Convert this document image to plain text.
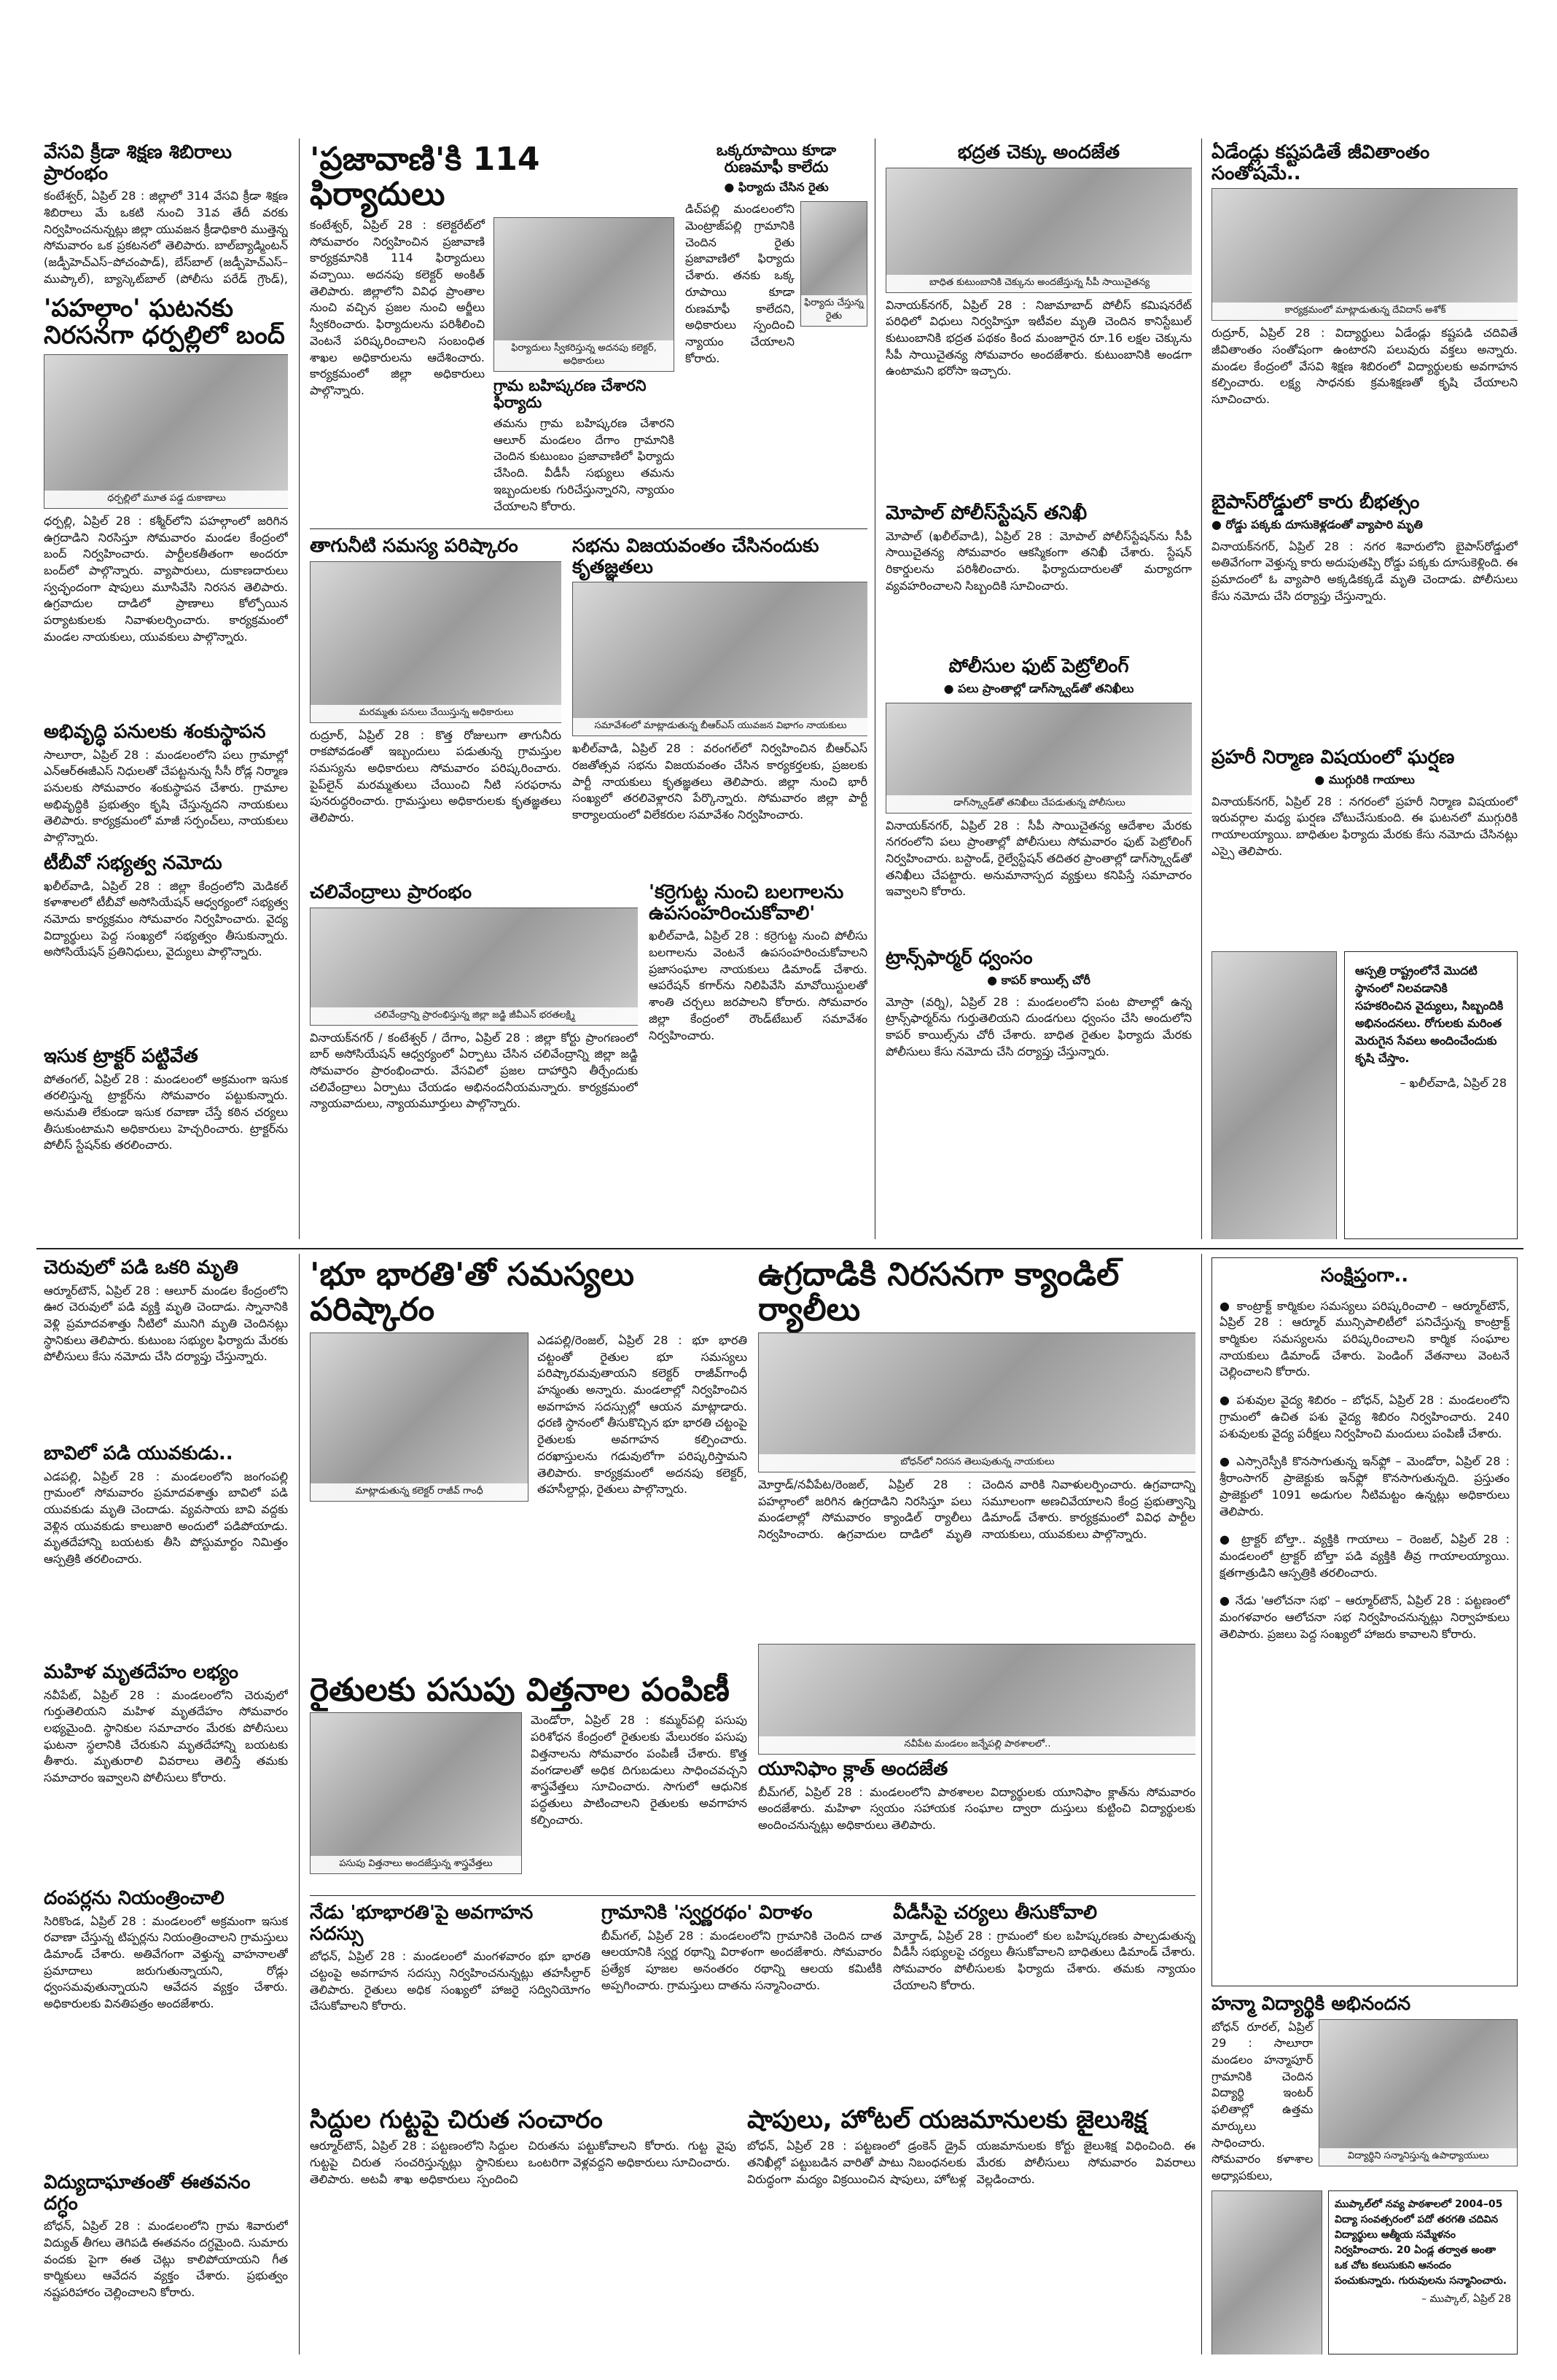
వేసవి క్రీడా శిక్షణ శిబిరాలు ప్రారంభం

కంటేశ్వర్‌, ఏప్రిల్‌ 28 : జిల్లాలో 314 వేసవి క్రీడా శిక్షణ శిబిరాలు మే ఒకటి నుంచి 31వ తేదీ వరకు నిర్వహించనున్నట్లు జిల్లా యువజన క్రీడాధికారి ముత్తెన్న సోమవారం ఒక ప్రకటనలో తెలిపారు. బాల్‌బ్యాడ్మింటన్‌ (జడ్పీహెచ్‌ఎస్‌–పోచంపాడ్‌), బేస్‌బాల్‌ (జడ్పీహెచ్‌ఎస్‌–ముప్కాల్‌), బ్యాస్కెట్‌బాల్‌ (పోలీసు పరేడ్‌ గ్రౌండ్‌),

'పహల్గాం' ఘటనకు నిరసనగా ధర్పల్లిలో బంద్‌
ధర్పల్లిలో మూత పడ్డ దుకాణాలు

ధర్పల్లి, ఏప్రిల్‌ 28 : కశ్మీర్‌లోని పహల్గాంలో జరిగిన ఉగ్రదాడిని నిరసిస్తూ సోమవారం మండల కేంద్రంలో బంద్‌ నిర్వహించారు. పార్టీలకతీతంగా అందరూ బంద్‌లో పాల్గొన్నారు. వ్యాపారులు, దుకాణదారులు స్వచ్ఛందంగా షాపులు మూసివేసి నిరసన తెలిపారు. ఉగ్రవాదుల దాడిలో ప్రాణాలు కోల్పోయిన పర్యాటకులకు నివాళులర్పించారు. కార్యక్రమంలో మండల నాయకులు, యువకులు పాల్గొన్నారు.

అభివృద్ధి పనులకు శంకుస్థాపన

సాలూరా, ఏప్రిల్‌ 28 : మండలంలోని పలు గ్రామాల్లో ఎన్‌ఆర్‌ఈజీఎస్‌ నిధులతో చేపట్టనున్న సీసీ రోడ్ల నిర్మాణ పనులకు సోమవారం శంకుస్థాపన చేశారు. గ్రామాల అభివృద్ధికి ప్రభుత్వం కృషి చేస్తున్నదని నాయకులు తెలిపారు. కార్యక్రమంలో మాజీ సర్పంచ్‌లు, నాయకులు పాల్గొన్నారు.

టీబీవో సభ్యత్వ నమోదు

ఖలీల్‌వాడి, ఏప్రిల్‌ 28 : జిల్లా కేంద్రంలోని మెడికల్‌ కళాశాలలో టీబీవో అసోసియేషన్‌ ఆధ్వర్యంలో సభ్యత్వ నమోదు కార్యక్రమం సోమవారం నిర్వహించారు. వైద్య విద్యార్థులు పెద్ద సంఖ్యలో సభ్యత్వం తీసుకున్నారు. అసోసియేషన్‌ ప్రతినిధులు, వైద్యులు పాల్గొన్నారు.

ఇసుక ట్రాక్టర్‌ పట్టివేత

పోతంగల్‌, ఏప్రిల్‌ 28 : మండలంలో అక్రమంగా ఇసుక తరలిస్తున్న ట్రాక్టర్‌ను సోమవారం పట్టుకున్నారు. అనుమతి లేకుండా ఇసుక రవాణా చేస్తే కఠిన చర్యలు తీసుకుంటామని అధికారులు హెచ్చరించారు. ట్రాక్టర్‌ను పోలీస్‌ స్టేషన్‌కు తరలించారు.

'ప్రజావాణి'కి 114 ఫిర్యాదులు

కంటేశ్వర్‌, ఏప్రిల్‌ 28 : కలెక్టరేట్‌లో సోమవారం నిర్వహించిన ప్రజావాణి కార్యక్రమానికి 114 ఫిర్యాదులు వచ్చాయి. అదనపు కలెక్టర్‌ అంకిత్‌ తెలిపారు. జిల్లాలోని వివిధ ప్రాంతాల నుంచి వచ్చిన ప్రజల నుంచి అర్జీలు స్వీకరించారు. ఫిర్యాదులను పరిశీలించి వెంటనే పరిష్కరించాలని సంబంధిత శాఖల అధికారులను ఆదేశించారు. కార్యక్రమంలో జిల్లా అధికారులు పాల్గొన్నారు.

ఫిర్యాదులు స్వీకరిస్తున్న అదనపు కలెక్టర్‌, అధికారులు
గ్రామ బహిష్కరణ చేశారని ఫిర్యాదు

తమను గ్రామ బహిష్కరణ చేశారని ఆలూర్‌ మండలం దేగాం గ్రామానికి చెందిన కుటుంబం ప్రజావాణిలో ఫిర్యాదు చేసింది. వీడీసీ సభ్యులు తమను ఇబ్బందులకు గురిచేస్తున్నారని, న్యాయం చేయాలని కోరారు.

ఒక్కరూపాయి కూడా రుణమాఫీ కాలేదు
● ఫిర్యాదు చేసిన రైతు

డిచ్‌పల్లి మండలంలోని మెంట్రాజ్‌పల్లి గ్రామానికి చెందిన రైతు ప్రజావాణిలో ఫిర్యాదు చేశారు. తనకు ఒక్క రూపాయి కూడా రుణమాఫీ కాలేదని, అధికారులు స్పందించి న్యాయం చేయాలని కోరారు.

ఫిర్యాదు చేస్తున్న రైతు
భద్రత చెక్కు అందజేత
బాధిత కుటుంబానికి చెక్కును అందజేస్తున్న సీపీ సాయిచైతన్య

వినాయక్‌నగర్‌, ఏప్రిల్‌ 28 : నిజామాబాద్‌ పోలీస్‌ కమిషనరేట్‌ పరిధిలో విధులు నిర్వహిస్తూ ఇటీవల మృతి చెందిన కానిస్టేబుల్‌ కుటుంబానికి భద్రత పథకం కింద మంజూరైన రూ.16 లక్షల చెక్కును సీపీ సాయిచైతన్య సోమవారం అందజేశారు. కుటుంబానికి అండగా ఉంటామని భరోసా ఇచ్చారు.

మోపాల్‌ పోలీస్‌స్టేషన్‌ తనిఖీ

మోపాల్‌ (ఖలీల్‌వాడి), ఏప్రిల్‌ 28 : మోపాల్‌ పోలీస్‌స్టేషన్‌ను సీపీ సాయిచైతన్య సోమవారం ఆకస్మికంగా తనిఖీ చేశారు. స్టేషన్‌ రికార్డులను పరిశీలించారు. ఫిర్యాదుదారులతో మర్యాదగా వ్యవహరించాలని సిబ్బందికి సూచించారు.

పోలీసుల ఫుట్‌ పెట్రోలింగ్‌
● పలు ప్రాంతాల్లో డాగ్‌స్క్వాడ్‌తో తనిఖీలు
డాగ్‌స్క్వాడ్‌తో తనిఖీలు చేపడుతున్న పోలీసులు

వినాయక్‌నగర్‌, ఏప్రిల్‌ 28 : సీపీ సాయిచైతన్య ఆదేశాల మేరకు నగరంలోని పలు ప్రాంతాల్లో పోలీసులు సోమవారం ఫుట్‌ పెట్రోలింగ్‌ నిర్వహించారు. బస్టాండ్‌, రైల్వేస్టేషన్‌ తదితర ప్రాంతాల్లో డాగ్‌స్క్వాడ్‌తో తనిఖీలు చేపట్టారు. అనుమానాస్పద వ్యక్తులు కనిపిస్తే సమాచారం ఇవ్వాలని కోరారు.

ట్రాన్స్‌ఫార్మర్‌ ధ్వంసం
● కాపర్‌ కాయిల్స్‌ చోరీ

మోస్రా (వర్ని), ఏప్రిల్‌ 28 : మండలంలోని పంట పొలాల్లో ఉన్న ట్రాన్స్‌ఫార్మర్‌ను గుర్తుతెలియని దుండగులు ధ్వంసం చేసి అందులోని కాపర్‌ కాయిల్స్‌ను చోరీ చేశారు. బాధిత రైతుల ఫిర్యాదు మేరకు పోలీసులు కేసు నమోదు చేసి దర్యాప్తు చేస్తున్నారు.

ఏడేండ్లు కష్టపడితే జీవితాంతం సంతోషమే..
కార్యక్రమంలో మాట్లాడుతున్న దేవిదాస్‌ అశోక్‌

రుద్రూర్‌, ఏప్రిల్‌ 28 : విద్యార్థులు ఏడేండ్లు కష్టపడి చదివితే జీవితాంతం సంతోషంగా ఉంటారని పలువురు వక్తలు అన్నారు. మండల కేంద్రంలో వేసవి శిక్షణ శిబిరంలో విద్యార్థులకు అవగాహన కల్పించారు. లక్ష్య సాధనకు క్రమశిక్షణతో కృషి చేయాలని సూచించారు.

బైపాస్‌రోడ్డులో కారు బీభత్సం
● రోడ్డు పక్కకు దూసుకెళ్లడంతో వ్యాపారి మృతి

వినాయక్‌నగర్‌, ఏప్రిల్‌ 28 : నగర శివారులోని బైపాస్‌రోడ్డులో అతివేగంగా వెళ్తున్న కారు అదుపుతప్పి రోడ్డు పక్కకు దూసుకెళ్లింది. ఈ ప్రమాదంలో ఓ వ్యాపారి అక్కడికక్కడే మృతి చెందాడు. పోలీసులు కేసు నమోదు చేసి దర్యాప్తు చేస్తున్నారు.

ప్రహరీ నిర్మాణ విషయంలో ఘర్షణ
● ముగ్గురికి గాయాలు

వినాయక్‌నగర్‌, ఏప్రిల్‌ 28 : నగరంలో ప్రహరీ నిర్మాణ విషయంలో ఇరువర్గాల మధ్య ఘర్షణ చోటుచేసుకుంది. ఈ ఘటనలో ముగ్గురికి గాయాలయ్యాయి. బాధితుల ఫిర్యాదు మేరకు కేసు నమోదు చేసినట్లు ఎస్సై తెలిపారు.

ఆస్పత్రి రాష్ట్రంలోనే మొదటి స్థానంలో నిలవడానికి సహకరించిన వైద్యులు, సిబ్బందికి అభినందనలు. రోగులకు మరింత మెరుగైన సేవలు అందించేందుకు కృషి చేస్తాం.
– ఖలీల్‌వాడి, ఏప్రిల్‌ 28
తాగునీటి సమస్య పరిష్కారం
మరమ్మతు పనులు చేయిస్తున్న అధికారులు

రుద్రూర్‌, ఏప్రిల్‌ 28 : కొత్త రోజులుగా తాగునీరు రాకపోవడంతో ఇబ్బందులు పడుతున్న గ్రామస్తుల సమస్యను అధికారులు సోమవారం పరిష్కరించారు. పైప్‌లైన్‌ మరమ్మతులు చేయించి నీటి సరఫరాను పునరుద్ధరించారు. గ్రామస్తులు అధికారులకు కృతజ్ఞతలు తెలిపారు.

సభను విజయవంతం చేసినందుకు కృతజ్ఞతలు
సమావేశంలో మాట్లాడుతున్న బీఆర్‌ఎస్‌ యువజన విభాగం నాయకులు

ఖలీల్‌వాడి, ఏప్రిల్‌ 28 : వరంగల్‌లో నిర్వహించిన బీఆర్‌ఎస్‌ రజతోత్సవ సభను విజయవంతం చేసిన కార్యకర్తలకు, ప్రజలకు పార్టీ నాయకులు కృతజ్ఞతలు తెలిపారు. జిల్లా నుంచి భారీ సంఖ్యలో తరలివెళ్లారని పేర్కొన్నారు. సోమవారం జిల్లా పార్టీ కార్యాలయంలో విలేకరుల సమావేశం నిర్వహించారు.

చలివేంద్రాలు ప్రారంభం
చలివేంద్రాన్ని ప్రారంభిస్తున్న జిల్లా జడ్జి జీవీఎన్‌ భరతలక్ష్మి

వినాయక్‌నగర్‌ / కంటేశ్వర్‌ / దేగాం, ఏప్రిల్‌ 28 : జిల్లా కోర్టు ప్రాంగణంలో బార్‌ అసోసియేషన్‌ ఆధ్వర్యంలో ఏర్పాటు చేసిన చలివేంద్రాన్ని జిల్లా జడ్జి సోమవారం ప్రారంభించారు. వేసవిలో ప్రజల దాహార్తిని తీర్చేందుకు చలివేంద్రాలు ఏర్పాటు చేయడం అభినందనీయమన్నారు. కార్యక్రమంలో న్యాయవాదులు, న్యాయమూర్తులు పాల్గొన్నారు.

'కర్రెగుట్ట నుంచి బలగాలను ఉపసంహరించుకోవాలి'

ఖలీల్‌వాడి, ఏప్రిల్‌ 28 : కర్రెగుట్ట నుంచి పోలీసు బలగాలను వెంటనే ఉపసంహరించుకోవాలని ప్రజాసంఘాల నాయకులు డిమాండ్‌ చేశారు. ఆపరేషన్‌ కగార్‌ను నిలిపివేసి మావోయిస్టులతో శాంతి చర్చలు జరపాలని కోరారు. సోమవారం జిల్లా కేంద్రంలో రౌండ్‌టేబుల్‌ సమావేశం నిర్వహించారు.

చెరువులో పడి ఒకరి మృతి

ఆర్మూర్‌టౌన్‌, ఏప్రిల్‌ 28 : ఆలూర్‌ మండల కేంద్రంలోని ఊర చెరువులో పడి వ్యక్తి మృతి చెందాడు. స్నానానికి వెళ్లి ప్రమాదవశాత్తు నీటిలో మునిగి మృతి చెందినట్లు స్థానికులు తెలిపారు. కుటుంబ సభ్యుల ఫిర్యాదు మేరకు పోలీసులు కేసు నమోదు చేసి దర్యాప్తు చేస్తున్నారు.

బావిలో పడి యువకుడు..

ఎడపల్లి, ఏప్రిల్‌ 28 : మండలంలోని జంగంపల్లి గ్రామంలో సోమవారం ప్రమాదవశాత్తు బావిలో పడి యువకుడు మృతి చెందాడు. వ్యవసాయ బావి వద్దకు వెళ్లిన యువకుడు కాలుజారి అందులో పడిపోయాడు. మృతదేహాన్ని బయటకు తీసి పోస్టుమార్టం నిమిత్తం ఆస్పత్రికి తరలించారు.

మహిళ మృతదేహం లభ్యం

నవీపేట్‌, ఏప్రిల్‌ 28 : మండలంలోని చెరువులో గుర్తుతెలియని మహిళ మృతదేహం సోమవారం లభ్యమైంది. స్థానికుల సమాచారం మేరకు పోలీసులు ఘటనా స్థలానికి చేరుకుని మృతదేహాన్ని బయటకు తీశారు. మృతురాలి వివరాలు తెలిస్తే తమకు సమాచారం ఇవ్వాలని పోలీసులు కోరారు.

దంపర్లను నియంత్రించాలి

సిరికొండ, ఏప్రిల్‌ 28 : మండలంలో అక్రమంగా ఇసుక రవాణా చేస్తున్న టిప్పర్లను నియంత్రించాలని గ్రామస్తులు డిమాండ్‌ చేశారు. అతివేగంగా వెళ్తున్న వాహనాలతో ప్రమాదాలు జరుగుతున్నాయని, రోడ్లు ధ్వంసమవుతున్నాయని ఆవేదన వ్యక్తం చేశారు. అధికారులకు వినతిపత్రం అందజేశారు.

విద్యుదాఘాతంతో ఈతవనం దగ్ధం

బోధన్‌, ఏప్రిల్‌ 28 : మండలంలోని గ్రామ శివారులో విద్యుత్‌ తీగలు తెగిపడి ఈతవనం దగ్ధమైంది. సుమారు వందకు పైగా ఈత చెట్లు కాలిపోయాయని గీత కార్మికులు ఆవేదన వ్యక్తం చేశారు. ప్రభుత్వం నష్టపరిహారం చెల్లించాలని కోరారు.

'భూ భారతి'తో సమస్యలు పరిష్కారం
మాట్లాడుతున్న కలెక్టర్‌ రాజీవ్‌ గాంధీ

ఎడపల్లి/రెంజల్‌, ఏప్రిల్‌ 28 : భూ భారతి చట్టంతో రైతుల భూ సమస్యలు పరిష్కారమవుతాయని కలెక్టర్‌ రాజీవ్‌గాంధీ హన్మంతు అన్నారు. మండలాల్లో నిర్వహించిన అవగాహన సదస్సుల్లో ఆయన మాట్లాడారు. ధరణి స్థానంలో తీసుకొచ్చిన భూ భారతి చట్టంపై రైతులకు అవగాహన కల్పించారు. దరఖాస్తులను గడువులోగా పరిష్కరిస్తామని తెలిపారు. కార్యక్రమంలో అదనపు కలెక్టర్‌, తహసీల్దార్లు, రైతులు పాల్గొన్నారు.

రైతులకు పసుపు విత్తనాల పంపిణీ
పసుపు విత్తనాలు అందజేస్తున్న శాస్త్రవేత్తలు

మెండోరా, ఏప్రిల్‌ 28 : కమ్మర్‌పల్లి పసుపు పరిశోధన కేంద్రంలో రైతులకు మేలురకం పసుపు విత్తనాలను సోమవారం పంపిణీ చేశారు. కొత్త వంగడాలతో అధిక దిగుబడులు సాధించవచ్చని శాస్త్రవేత్తలు సూచించారు. సాగులో ఆధునిక పద్ధతులు పాటించాలని రైతులకు అవగాహన కల్పించారు.

ఉగ్రదాడికి నిరసనగా క్యాండిల్‌ ర్యాలీలు
బోధన్‌లో నిరసన తెలుపుతున్న నాయకులు

మోర్తాడ్‌/నవీపేట/రెంజల్‌, ఏప్రిల్‌ 28 : పహల్గాంలో జరిగిన ఉగ్రదాడిని నిరసిస్తూ పలు మండలాల్లో సోమవారం క్యాండిల్‌ ర్యాలీలు నిర్వహించారు. ఉగ్రవాదుల దాడిలో మృతి చెందిన వారికి నివాళులర్పించారు. ఉగ్రవాదాన్ని సమూలంగా అణచివేయాలని కేంద్ర ప్రభుత్వాన్ని డిమాండ్‌ చేశారు. కార్యక్రమంలో వివిధ పార్టీల నాయకులు, యువకులు పాల్గొన్నారు.

నవీపేట మండలం జన్నేపల్లి పాఠశాలలో..
యూనిఫాం క్లాత్‌ అందజేత

బీమ్‌గల్‌, ఏప్రిల్‌ 28 : మండలంలోని పాఠశాలల విద్యార్థులకు యూనిఫాం క్లాత్‌ను సోమవారం అందజేశారు. మహిళా స్వయం సహాయక సంఘాల ద్వారా దుస్తులు కుట్టించి విద్యార్థులకు అందించనున్నట్లు అధికారులు తెలిపారు.

నేడు 'భూభారతి'పై అవగాహన సదస్సు

బోధన్‌, ఏప్రిల్‌ 28 : మండలంలో మంగళవారం భూ భారతి చట్టంపై అవగాహన సదస్సు నిర్వహించనున్నట్లు తహసీల్దార్‌ తెలిపారు. రైతులు అధిక సంఖ్యలో హాజరై సద్వినియోగం చేసుకోవాలని కోరారు.

గ్రామానికి 'స్వర్ణరథం' విరాళం

బీమ్‌గల్‌, ఏప్రిల్‌ 28 : మండలంలోని గ్రామానికి చెందిన దాత ఆలయానికి స్వర్ణ రథాన్ని విరాళంగా అందజేశారు. సోమవారం ప్రత్యేక పూజల అనంతరం రథాన్ని ఆలయ కమిటీకి అప్పగించారు. గ్రామస్తులు దాతను సన్మానించారు.

వీడీసీపై చర్యలు తీసుకోవాలి

మోర్తాడ్‌, ఏప్రిల్‌ 28 : గ్రామంలో కుల బహిష్కరణకు పాల్పడుతున్న వీడీసీ సభ్యులపై చర్యలు తీసుకోవాలని బాధితులు డిమాండ్‌ చేశారు. సోమవారం పోలీసులకు ఫిర్యాదు చేశారు. తమకు న్యాయం చేయాలని కోరారు.

సిద్దుల గుట్టపై చిరుత సంచారం

ఆర్మూర్‌టౌన్‌, ఏప్రిల్‌ 28 : పట్టణంలోని సిద్దుల గుట్టపై చిరుత సంచరిస్తున్నట్లు స్థానికులు తెలిపారు. అటవీ శాఖ అధికారులు స్పందించి చిరుతను పట్టుకోవాలని కోరారు. గుట్ట వైపు ఒంటరిగా వెళ్లవద్దని అధికారులు సూచించారు.

షాపులు, హోటల్‌ యజమానులకు జైలుశిక్ష

బోధన్‌, ఏప్రిల్‌ 28 : పట్టణంలో డ్రంకెన్‌ డ్రైవ్‌ తనిఖీల్లో పట్టుబడిన వారితో పాటు నిబంధనలకు విరుద్ధంగా మద్యం విక్రయించిన షాపులు, హోటళ్ల యజమానులకు కోర్టు జైలుశిక్ష విధించింది. ఈ మేరకు పోలీసులు సోమవారం వివరాలు వెల్లడించారు.

సంక్షిప్తంగా..

● కాంట్రాక్ట్‌ కార్మికుల సమస్యలు పరిష్కరించాలి – ఆర్మూర్‌టౌన్‌, ఏప్రిల్‌ 28 : ఆర్మూర్‌ మున్సిపాలిటీలో పనిచేస్తున్న కాంట్రాక్ట్‌ కార్మికుల సమస్యలను పరిష్కరించాలని కార్మిక సంఘాల నాయకులు డిమాండ్‌ చేశారు. పెండింగ్‌ వేతనాలు వెంటనే చెల్లించాలని కోరారు.

● పశువుల వైద్య శిబిరం – బోధన్‌, ఏప్రిల్‌ 28 : మండలంలోని గ్రామంలో ఉచిత పశు వైద్య శిబిరం నిర్వహించారు. 240 పశువులకు వైద్య పరీక్షలు నిర్వహించి మందులు పంపిణీ చేశారు.

● ఎస్సారెస్పీకి కొనసాగుతున్న ఇన్‌ఫ్లో – మెండోరా, ఏప్రిల్‌ 28 : శ్రీరాంసాగర్‌ ప్రాజెక్టుకు ఇన్‌ఫ్లో కొనసాగుతున్నది. ప్రస్తుతం ప్రాజెక్టులో 1091 అడుగుల నీటిమట్టం ఉన్నట్లు అధికారులు తెలిపారు.

● ట్రాక్టర్‌ బోల్తా.. వ్యక్తికి గాయాలు – రెంజల్‌, ఏప్రిల్‌ 28 : మండలంలో ట్రాక్టర్‌ బోల్తా పడి వ్యక్తికి తీవ్ర గాయాలయ్యాయి. క్షతగాత్రుడిని ఆస్పత్రికి తరలించారు.

● నేడు 'ఆలోచనా సభ' – ఆర్మూర్‌టౌన్‌, ఏప్రిల్‌ 28 : పట్టణంలో మంగళవారం ఆలోచనా సభ నిర్వహించనున్నట్లు నిర్వాహకులు తెలిపారు. ప్రజలు పెద్ద సంఖ్యలో హాజరు కావాలని కోరారు.

హన్మా విద్యార్థికి అభినందన

బోధన్‌ రూరల్‌, ఏప్రిల్‌ 29 : సాలూరా మండలం హన్మాపూర్‌ గ్రామానికి చెందిన విద్యార్థి ఇంటర్‌ ఫలితాల్లో ఉత్తమ మార్కులు సాధించారు. సోమవారం కళాశాల అధ్యాపకులు,

విద్యార్థిని సన్మానిస్తున్న ఉపాధ్యాయులు
ముప్కాల్‌లో నవ్య పాఠశాలలో 2004–05 విద్యా సంవత్సరంలో పదో తరగతి చదివిన విద్యార్థులు ఆత్మీయ సమ్మేళనం నిర్వహించారు. 20 ఏండ్ల తర్వాత అంతా ఒక చోట కలుసుకుని ఆనందం పంచుకున్నారు. గురువులను సన్మానించారు.
– ముప్కాల్‌, ఏప్రిల్‌ 28
